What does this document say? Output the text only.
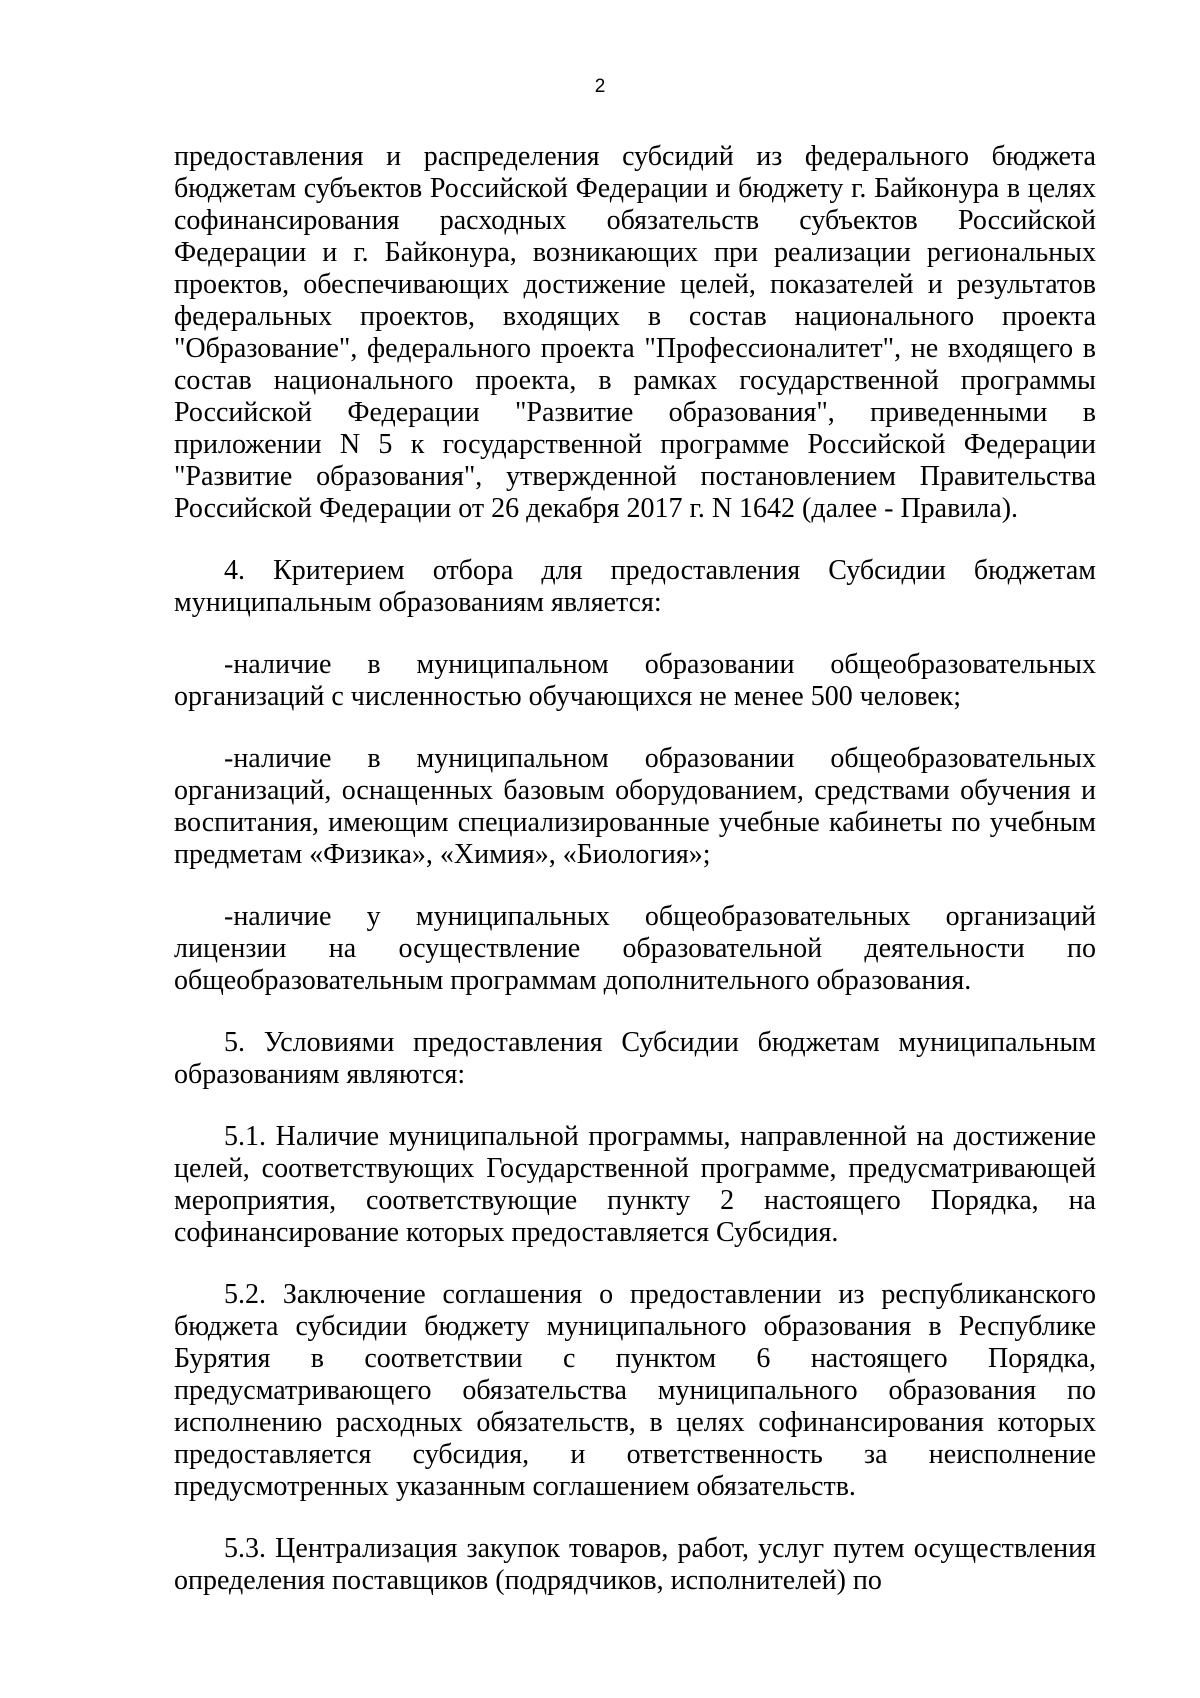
2

предоставления и распределения субсидий из федерального бюджета бюджетам субъектов Российской Федерации и бюджету г. Байконура в целях софинансирования расходных обязательств субъектов Российской Федерации и г. Байконура, возникающих при реализации региональных проектов, обеспечивающих достижение целей, показателей и результатов федеральных проектов, входящих в состав национального проекта "Образование", федерального проекта "Профессионалитет", не входящего в состав национального проекта, в рамках государственной программы Российской Федерации "Развитие образования", приведенными в приложении N 5 к государственной программе Российской Федерации "Развитие образования", утвержденной постановлением Правительства Российской Федерации от 26 декабря 2017 г. N 1642 (далее - Правила).

4. Критерием отбора для предоставления Субсидии бюджетам муниципальным образованиям является:

-наличие в муниципальном образовании общеобразовательных организаций с численностью обучающихся не менее 500 человек;

-наличие в муниципальном образовании общеобразовательных организаций, оснащенных базовым оборудованием, средствами обучения и воспитания, имеющим специализированные учебные кабинеты по учебным предметам «Физика», «Химия», «Биология»;

-наличие у муниципальных общеобразовательных организаций лицензии на осуществление образовательной деятельности по общеобразовательным программам дополнительного образования.

5. Условиями предоставления Субсидии бюджетам муниципальным образованиям являются:

5.1. Наличие муниципальной программы, направленной на достижение целей, соответствующих Государственной программе, предусматривающей мероприятия, соответствующие пункту 2 настоящего Порядка, на софинансирование которых предоставляется Субсидия.

5.2. Заключение соглашения о предоставлении из республиканского бюджета субсидии бюджету муниципального образования в Республике Бурятия в соответствии с пунктом 6 настоящего Порядка, предусматривающего обязательства муниципального образования по исполнению расходных обязательств, в целях софинансирования которых предоставляется субсидия, и ответственность за неисполнение предусмотренных указанным соглашением обязательств.

5.3. Централизация закупок товаров, работ, услуг путем осуществления определения поставщиков (подрядчиков, исполнителей) по
